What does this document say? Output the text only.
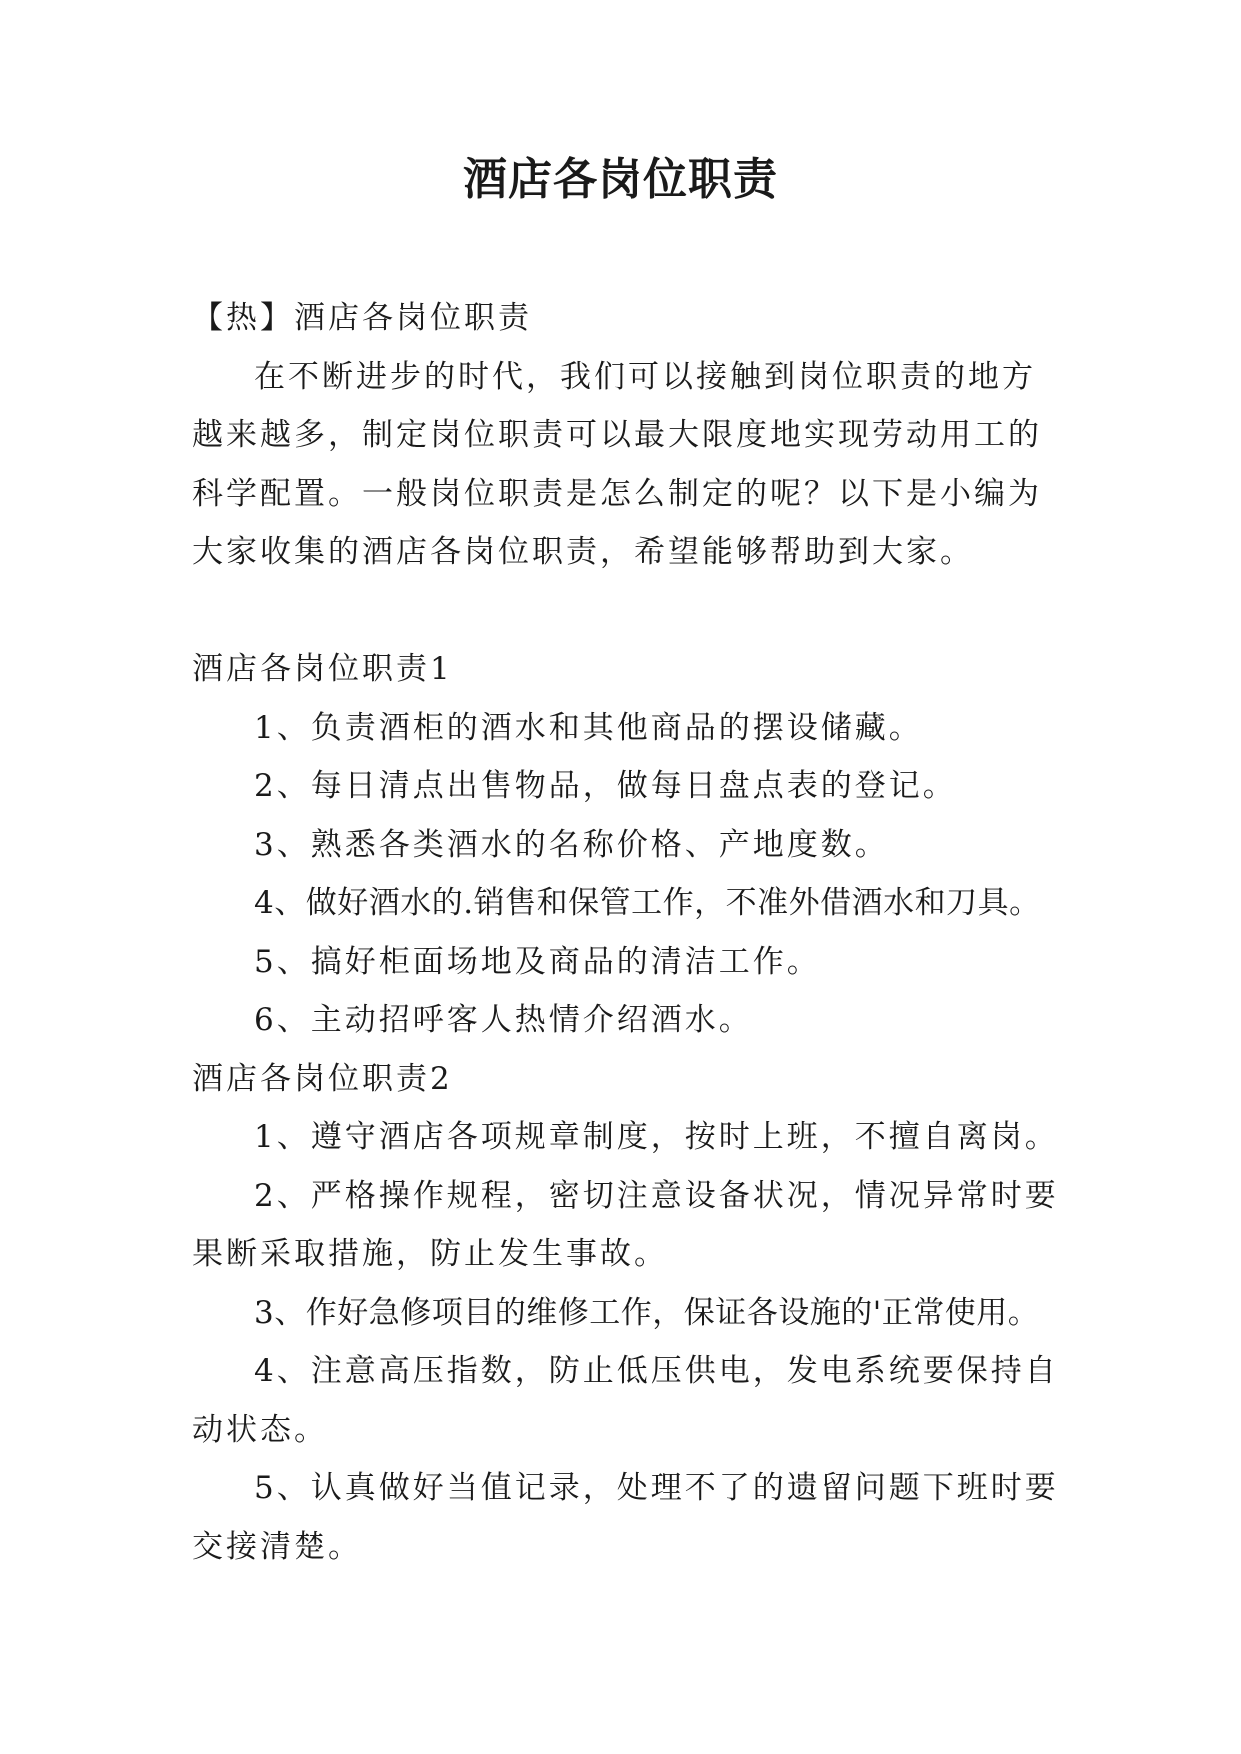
酒店各岗位职责

【热】酒店各岗位职责

在不断进步的时代，我们可以接触到岗位职责的地方越来越多，制定岗位职责可以最大限度地实现劳动用工的科学配置。一般岗位职责是怎么制定的呢？以下是小编为大家收集的酒店各岗位职责，希望能够帮助到大家。

酒店各岗位职责1

1、负责酒柜的酒水和其他商品的摆设储藏。

2、每日清点出售物品，做每日盘点表的登记。

3、熟悉各类酒水的名称价格、产地度数。

4、做好酒水的.销售和保管工作，不准外借酒水和刀具。

5、搞好柜面场地及商品的清洁工作。

6、主动招呼客人热情介绍酒水。

酒店各岗位职责2

1、遵守酒店各项规章制度，按时上班，不擅自离岗。

2、严格操作规程，密切注意设备状况，情况异常时要果断采取措施，防止发生事故。

3、作好急修项目的维修工作，保证各设施的'正常使用。

4、注意高压指数，防止低压供电，发电系统要保持自动状态。

5、认真做好当值记录，处理不了的遗留问题下班时要交接清楚。
